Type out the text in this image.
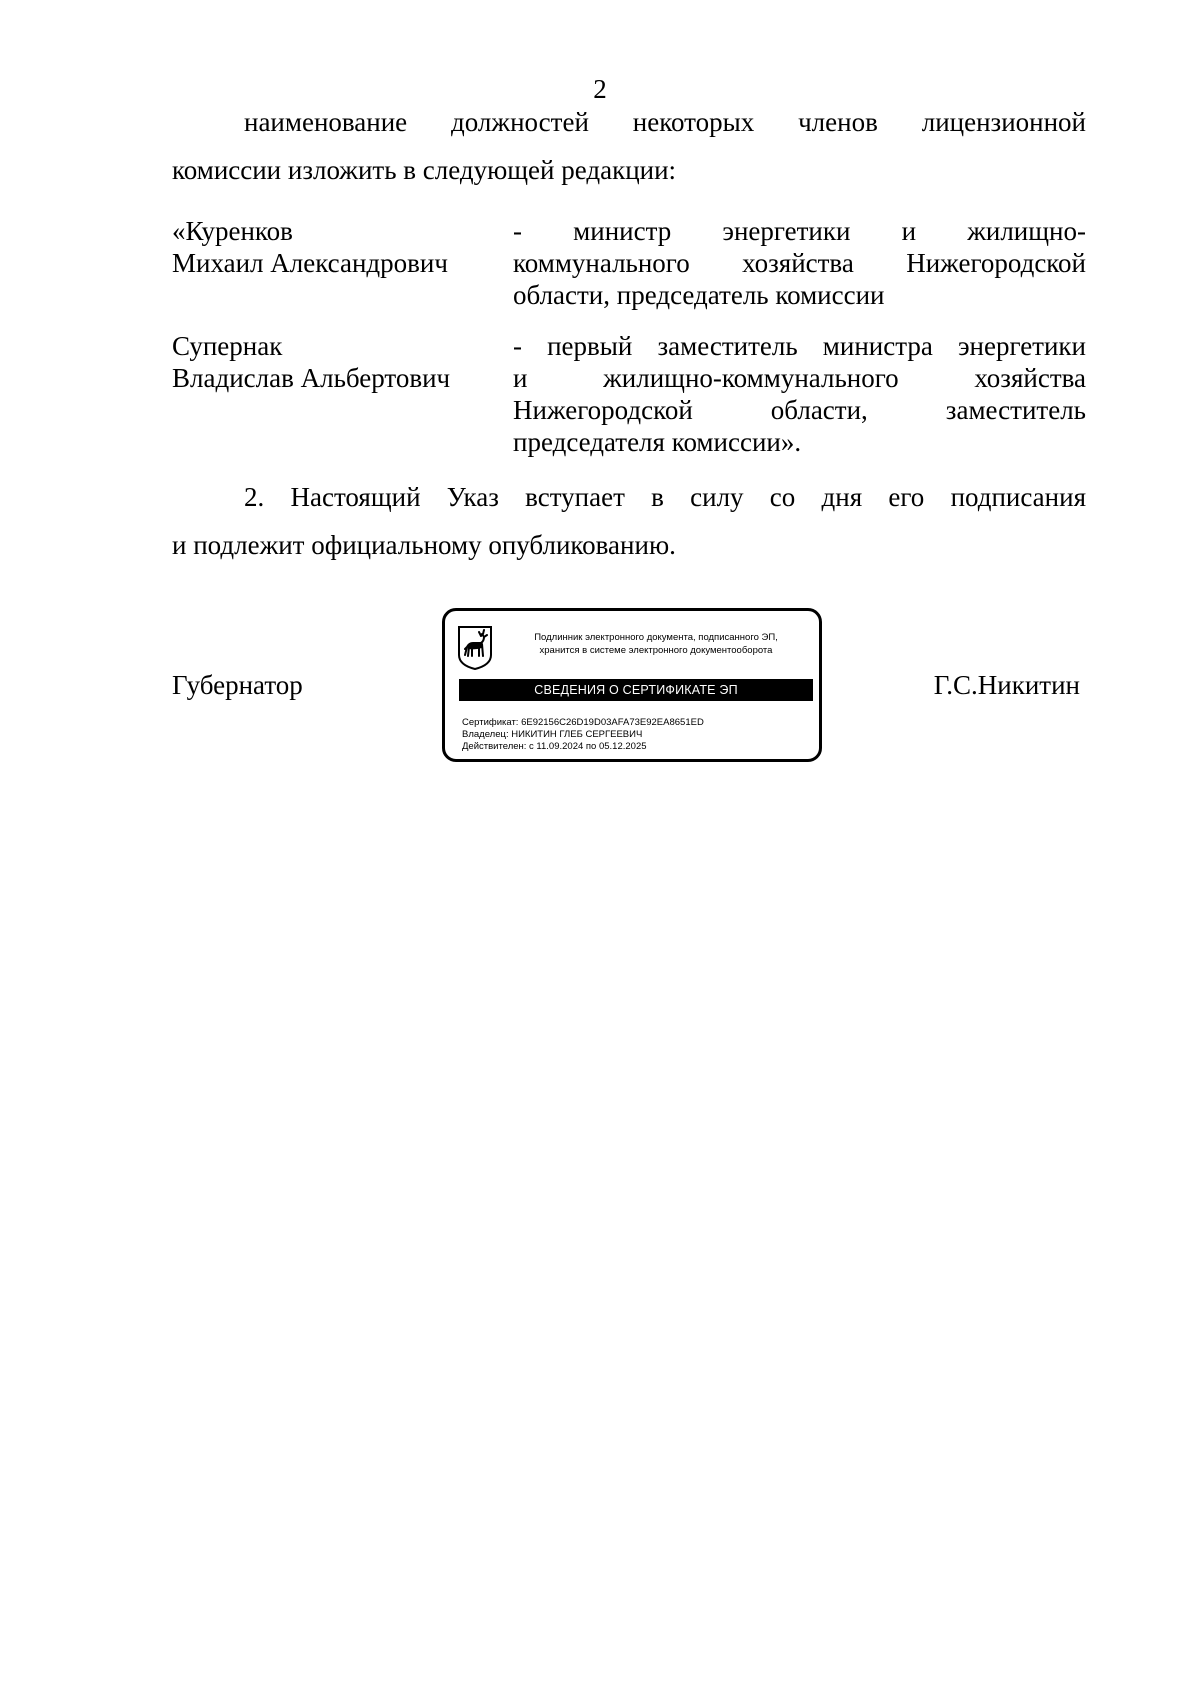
2
наименование должностей некоторых членов лицензионной
комиссии изложить в следующей редакции:
«Куренков
Михаил Александрович
- министр энергетики и жилищно-
коммунального хозяйства Нижегородской
области, председатель комиссии
Супернак
Владислав Альбертович
- первый заместитель министра энергетики
и жилищно-коммунального хозяйства
Нижегородской области, заместитель
председателя комиссии».
2. Настоящий Указ вступает в силу со дня его подписания
и подлежит официальному опубликованию.
Губернатор	Г.С.Никитин
Подлинник электронного документа, подписанного ЭП,
хранится в системе электронного документооборота
СВЕДЕНИЯ О СЕРТИФИКАТЕ ЭП
Сертификат: 6E92156C26D19D03AFA73E92EA8651ED
Владелец: НИКИТИН ГЛЕБ СЕРГЕЕВИЧ
Действителен: с 11.09.2024 по 05.12.2025
